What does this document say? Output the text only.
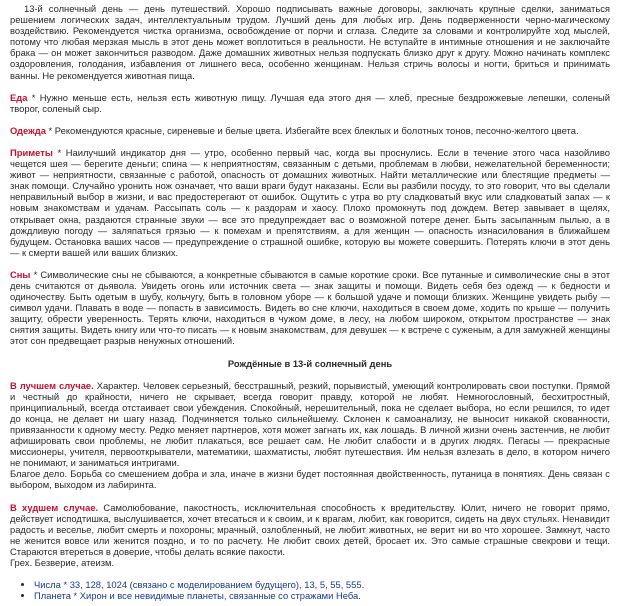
13-й солнечный день — день путешествий. Хорошо подписывать важные договоры, заключать крупные сделки, заниматься решением логических задач, интеллектуальным трудом. Лучший день для любых игр. День подверженности черно-магическому воздействию. Рекомендуется чистка организма, освобождение от порчи и сглаза. Следите за словами и контролируйте ход мыслей, потому что любая мерзкая мысль в этот день может воплотиться в реальности. Не вступайте в интимные отношения и не заключайте брака — он может закончиться разводом. Даже домашних животных нельзя подпускать близко друг к другу. Можно начинать комплекс оздоровления, голодания, избавления от лишнего веса, особенно женщинам. Нельзя стричь волосы и ногти, бриться и принимать ванны. Не рекомендуется животная пища.

Еда * Нужно меньше есть, нельзя есть животную пищу. Лучшая еда этого дня — хлеб, пресные бездрожжевые лепешки, соленый творог, соленый сыр.

Одежда * Рекомендуются красные, сиреневые и белые цвета. Избегайте всех блеклых и болотных тонов, песочно-желтого цвета.

Приметы * Наилучший индикатор дня — утро, особенно первый час, когда вы проснулись. Если в течение этого часа назойливо чещется шея — берегите деньги; спина — к неприятностям, связанным с детьми, проблемам в любви, нежелательной беременности; живот — неприятности, связанные с работой, опасность от домашних животных. Найти металлические или блестящие предметы — знак помощи. Случайно уронить нож означает, что ваши враги будут наказаны. Если вы разбили посуду, то это говорит, что вы сделали неправильный выбор в жизни, и вас предостерегают от ошибок. Ощутить с утра во рту сладковатый вкус или сладковатый запах — к новым знакомствам и удачам. Рассыпать соль — к раздорам и хаосу. Плохо промокнуть под дождем. Ветер завывает в щелях, открывает окна, раздаются странные звуки — все это предупреждает вас о возможной потере денег. Быть засыпанным пылью, а в дождливую погоду — заляпаться грязью — к помехам и препятствиям, а для женщин — опасность изнасилования в ближайшем будущем. Остановка ваших часов — предупреждение о страшной ошибке, которую вы можете совершить. Потерять ключи в этот день — к смерти вашей или ваших близких.

Сны * Символические сны не сбываются, а конкретные сбываются в самые короткие сроки. Все путанные и символические сны в этот день считаются от дьявола. Увидеть огонь или источник света — знак защиты и помощи. Видеть себя без одежд — к бедности и одиночеству. Быть одетым в шубу, кольчугу, быть в головном уборе — к большой удаче и помощи близких. Женщине увидеть рыбу — символ удачи. Плавать в воде — попасть в зависимость. Видеть во сне ключи, находиться в своем доме, ходить по крыше — получить защиту, обрести уверенность. Терять ключи, находиться в чужом доме, в лесу, на любом широком, открытом пространстве — знак снятия защиты. Видеть книгу или что-то писать — к новым знакомствам, для девушек — к встрече с суженым, а для замужней женщины этот сон предвещает разрыв ненужных отношений.

Рождённые в 13-й солнечный день

В лучшем случае. Характер. Человек серьезный, бесстрашный, резкий, порывистый, умеющий контролировать свои поступки. Прямой и честный до крайности, ничего не скрывает, всегда говорит правду, которой не любят. Немногословный, бесхитростный, принципиальный, всегда отстаивает свои убеждения. Спокойный, нерешительный, пока не сделает выбора, но если решился, то идет до конца, не делает ни шагу назад. Подчиняется только сильнейшему. Склонен к самоанализу, не выносит никакой скованности, привязанности к одному месту. Редко меняет партнеров, хотя может загнать их, как лошадь. В личной жизни очень застенчив, не любит афишировать свои проблемы, не любит плакаться, все решает сам. Не любит слабости и в других людях. Пегасы — прекрасные миссионеры, учителя, первооткрыватели, математики, шахматисты, любят путешествия. Им нельзя взлезать в дело, в котором ничего не понимают, и заниматься интригами.

Благое дело. Борьба со смешением добра и зла, иначе в жизни будет постоянная двойственность, путаница в понятиях. День связан с выбором, выходом из лабиринта.

В худшем случае. Самолюбование, пакостность, исключительная способность к вредительству. Юлит, ничего не говорит прямо, действует исподтишка, выслушивается, хочет втесаться и к своим, и к врагам, любит, как говорится, сидеть на двух стульях. Ненавидит радость и веселье, любит смерть и похороны; мрачный, озлобленный, не любит животных, не верит ни во что хорошее. Замкнут, часто не женится вовсе или женится поздно, и то по расчету. Не любит своих детей, бросает их. Это самые страшные свекрови и тещи. Стараются втереться в доверие, чтобы делать всякие пакости.

Грех. Безверие, атеизм.

• Числа * 33, 128, 1024 (связано с моделированием будущего), 13, 5, 55, 555.
• Планета * Хирон и все невидимые планеты, связанные со стражами Неба.
